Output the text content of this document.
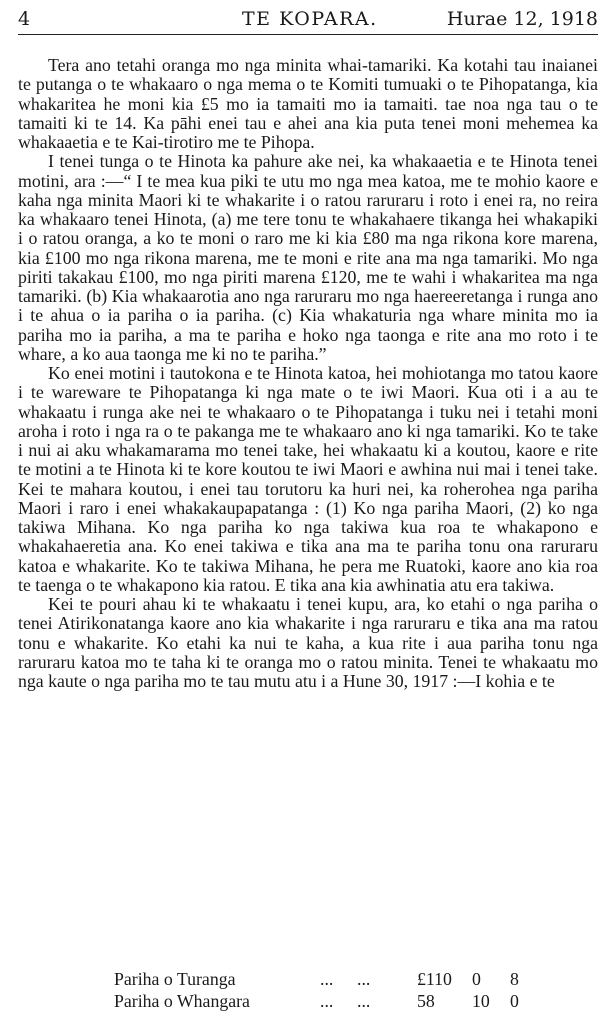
4	TE KOPARA.	Hurae 12, 1918

Tera ano tetahi oranga mo nga minita whai-tamariki. Ka kotahi tau inaianei te putanga o te whakaaro o nga mema o te Komiti tumuaki o te Pihopatanga, kia whakaritea he moni kia £5 mo ia tamaiti mo ia tamaiti. tae noa nga tau o te tamaiti ki te 14. Ka pāhi enei tau e ahei ana kia puta tenei moni mehemea ka whakaaetia e te Kai-tirotiro me te Pihopa.

I tenei tunga o te Hinota ka pahure ake nei, ka whakaaetia e te Hinota tenei motini, ara :—“ I te mea kua piki te utu mo nga mea katoa, me te mohio kaore e kaha nga minita Maori ki te whakarite i o ratou raruraru i roto i enei ra, no reira ka whakaaro tenei Hinota, (a) me tere tonu te whakahaere tikanga hei whakapiki i o ratou oranga, a ko te moni o raro me ki kia £80 ma nga rikona kore marena, kia £100 mo nga rikona marena, me te moni e rite ana ma nga tamariki. Mo nga piriti takakau £100, mo nga piriti marena £120, me te wahi i whakaritea ma nga tamariki. (b) Kia whakaarotia ano nga raruraru mo nga haereeretanga i runga ano i te ahua o ia pariha o ia pariha. (c) Kia whakaturia nga whare minita mo ia pariha mo ia pariha, a ma te pariha e hoko nga taonga e rite ana mo roto i te whare, a ko aua taonga me ki no te pariha.”

Ko enei motini i tautokona e te Hinota katoa, hei mohiotanga mo tatou kaore i te wareware te Pihopatanga ki nga mate o te iwi Maori. Kua oti i a au te whakaatu i runga ake nei te whakaaro o te Pihopatanga i tuku nei i tetahi moni aroha i roto i nga ra o te pakanga me te whakaaro ano ki nga tamariki. Ko te take i nui ai aku whakamarama mo tenei take, hei whakaatu ki a koutou, kaore e rite te motini a te Hinota ki te kore koutou te iwi Maori e awhina nui mai i tenei take. Kei te mahara koutou, i enei tau torutoru ka huri nei, ka roherohea nga pariha Maori i raro i enei whakakaupapatanga : (1) Ko nga pariha Maori, (2) ko nga takiwa Mihana. Ko nga pariha ko nga takiwa kua roa te whakapono e whakahaeretia ana. Ko enei takiwa e tika ana ma te pariha tonu ona raruraru katoa e whakarite. Ko te takiwa Mihana, he pera me Ruatoki, kaore ano kia roa te taenga o te whakapono kia ratou. E tika ana kia awhinatia atu era takiwa.

Kei te pouri ahau ki te whakaatu i tenei kupu, ara, ko etahi o nga pariha o tenei Atirikonatanga kaore ano kia whakarite i nga raruraru e tika ana ma ratou tonu e whakarite. Ko etahi ka nui te kaha, a kua rite i aua pariha tonu nga raruraru katoa mo te taha ki te oranga mo o ratou minita. Tenei te whakaatu mo nga kaute o nga pariha mo te tau mutu atu i a Hune 30, 1917 :—I kohia e te

Pariha o Turanga	... ...	£110 0 8
Pariha o Whangara	... ...	58 10 0
